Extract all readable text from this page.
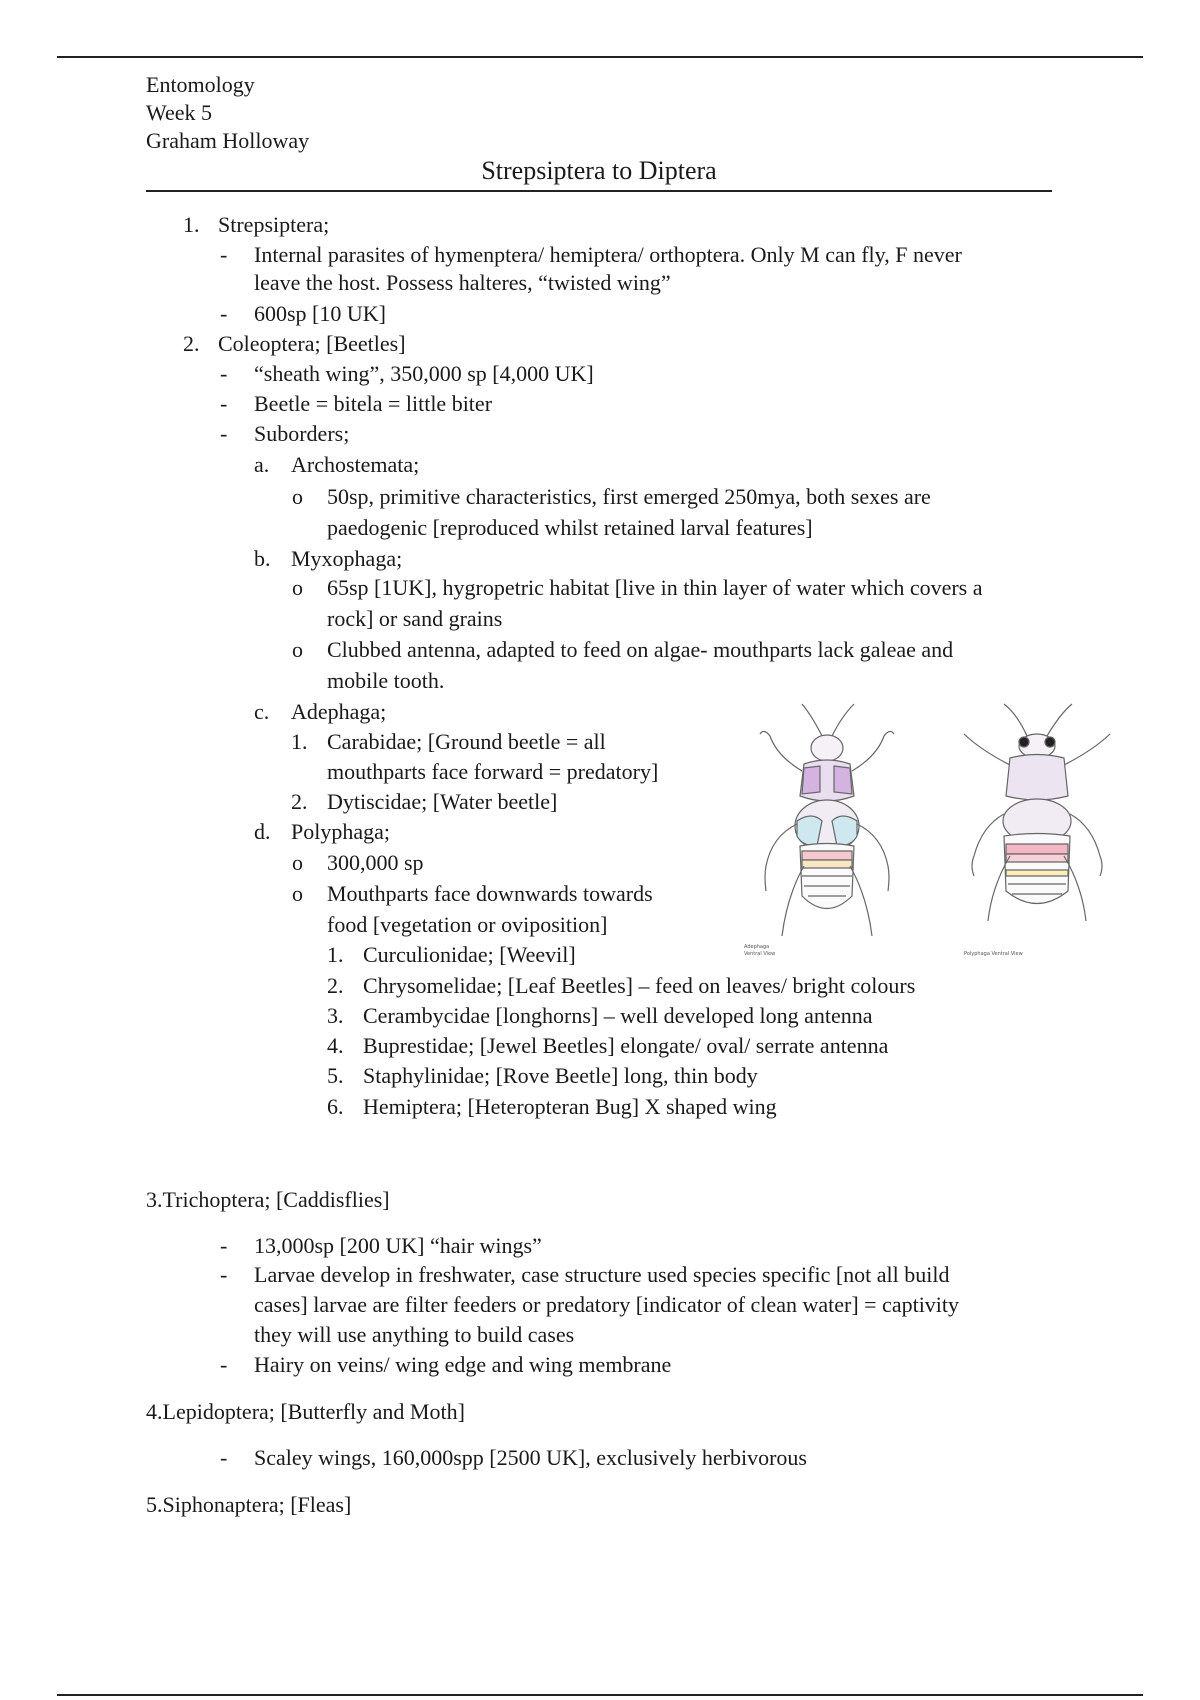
Entomology
Week 5
Graham Holloway
Strepsiptera to Diptera
1. Strepsiptera;
- Internal parasites of hymenptera/ hemiptera/ orthoptera. Only M can fly, F never
leave the host. Possess halteres, “twisted wing”
- 600sp [10 UK]
2. Coleoptera; [Beetles]
- “sheath wing”, 350,000 sp [4,000 UK]
- Beetle = bitela = little biter
- Suborders;
a. Archostemata;
o 50sp, primitive characteristics, first emerged 250mya, both sexes are
paedogenic [reproduced whilst retained larval features]
b. Myxophaga;
o 65sp [1UK], hygropetric habitat [live in thin layer of water which covers a
rock] or sand grains
o Clubbed antenna, adapted to feed on algae- mouthparts lack galeae and
mobile tooth.
c. Adephaga;
1. Carabidae; [Ground beetle = all
mouthparts face forward = predatory]
2. Dytiscidae; [Water beetle]
d. Polyphaga;
o 300,000 sp
o Mouthparts face downwards towards
food [vegetation or oviposition]
1. Curculionidae; [Weevil]
2. Chrysomelidae; [Leaf Beetles] – feed on leaves/ bright colours
3. Cerambycidae [longhorns] – well developed long antenna
4. Buprestidae; [Jewel Beetles] elongate/ oval/ serrate antenna
5. Staphylinidae; [Rove Beetle] long, thin body
6. Hemiptera; [Heteropteran Bug] X shaped wing
3.Trichoptera; [Caddisflies]
- 13,000sp [200 UK] “hair wings”
- Larvae develop in freshwater, case structure used species specific [not all build
cases] larvae are filter feeders or predatory [indicator of clean water] = captivity
they will use anything to build cases
- Hairy on veins/ wing edge and wing membrane
4.Lepidoptera; [Butterfly and Moth]
- Scaley wings, 160,000spp [2500 UK], exclusively herbivorous
5.Siphonaptera; [Fleas]
Adephaga
Ventral View	Polyphaga Ventral View
